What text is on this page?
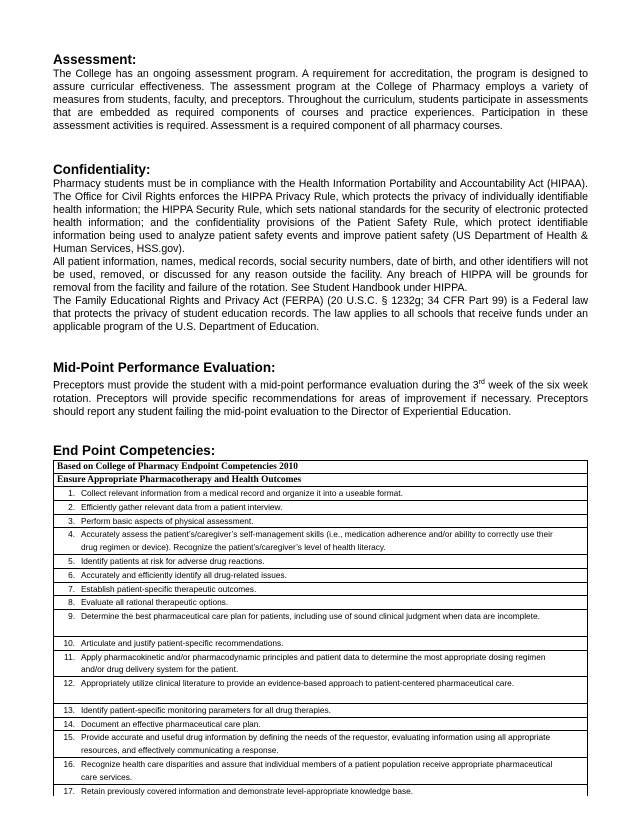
Assessment:

The College has an ongoing assessment program. A requirement for accreditation, the program is designed to assure curricular effectiveness. The assessment program at the College of Pharmacy employs a variety of measures from students, faculty, and preceptors. Throughout the curriculum, students participate in assessments that are embedded as required components of courses and practice experiences. Participation in these assessment activities is required. Assessment is a required component of all pharmacy courses.

Confidentiality:

Pharmacy students must be in compliance with the Health Information Portability and Accountability Act (HIPAA). The Office for Civil Rights enforces the HIPPA Privacy Rule, which protects the privacy of individually identifiable health information; the HIPPA Security Rule, which sets national standards for the security of electronic protected health information; and the confidentiality provisions of the Patient Safety Rule, which protect identifiable information being used to analyze patient safety events and improve patient safety (US Department of Health & Human Services, HSS.gov).

All patient information, names, medical records, social security numbers, date of birth, and other identifiers will not be used, removed, or discussed for any reason outside the facility. Any breach of HIPPA will be grounds for removal from the facility and failure of the rotation. See Student Handbook under HIPPA.

The Family Educational Rights and Privacy Act (FERPA) (20 U.S.C. § 1232g; 34 CFR Part 99) is a Federal law that protects the privacy of student education records. The law applies to all schools that receive funds under an applicable program of the U.S. Department of Education.

Mid-Point Performance Evaluation:

Preceptors must provide the student with a mid-point performance evaluation during the 3rd week of the six week rotation. Preceptors will provide specific recommendations for areas of improvement if necessary. Preceptors should report any student failing the mid-point evaluation to the Director of Experiential Education.

End Point Competencies:
Based on College of Pharmacy Endpoint Competencies 2010
Ensure Appropriate Pharmacotherapy and Health Outcomes
1. Collect relevant information from a medical record and organize it into a useable format.
2. Efficiently gather relevant data from a patient interview.
3. Perform basic aspects of physical assessment.
4. Accurately assess the patient’s/caregiver’s self-management skills (i.e., medication adherence and/or ability to correctly use their drug regimen or device). Recognize the patient’s/caregiver’s level of health literacy.
5. Identify patients at risk for adverse drug reactions.
6. Accurately and efficiently identify all drug-related issues.
7. Establish patient-specific therapeutic outcomes.
8. Evaluate all rational therapeutic options.
9. Determine the best pharmaceutical care plan for patients, including use of sound clinical judgment when data are incomplete.
10. Articulate and justify patient-specific recommendations.
11. Apply pharmacokinetic and/or pharmacodynamic principles and patient data to determine the most appropriate dosing regimen and/or drug delivery system for the patient.
12. Appropriately utilize clinical literature to provide an evidence-based approach to patient-centered pharmaceutical care.
13. Identify patient-specific monitoring parameters for all drug therapies.
14. Document an effective pharmaceutical care plan.
15. Provide accurate and useful drug information by defining the needs of the requestor, evaluating information using all appropriate resources, and effectively communicating a response.
16. Recognize health care disparities and assure that individual members of a patient population receive appropriate pharmaceutical care services.

17. Retain previously covered information and demonstrate level-appropriate knowledge base.
